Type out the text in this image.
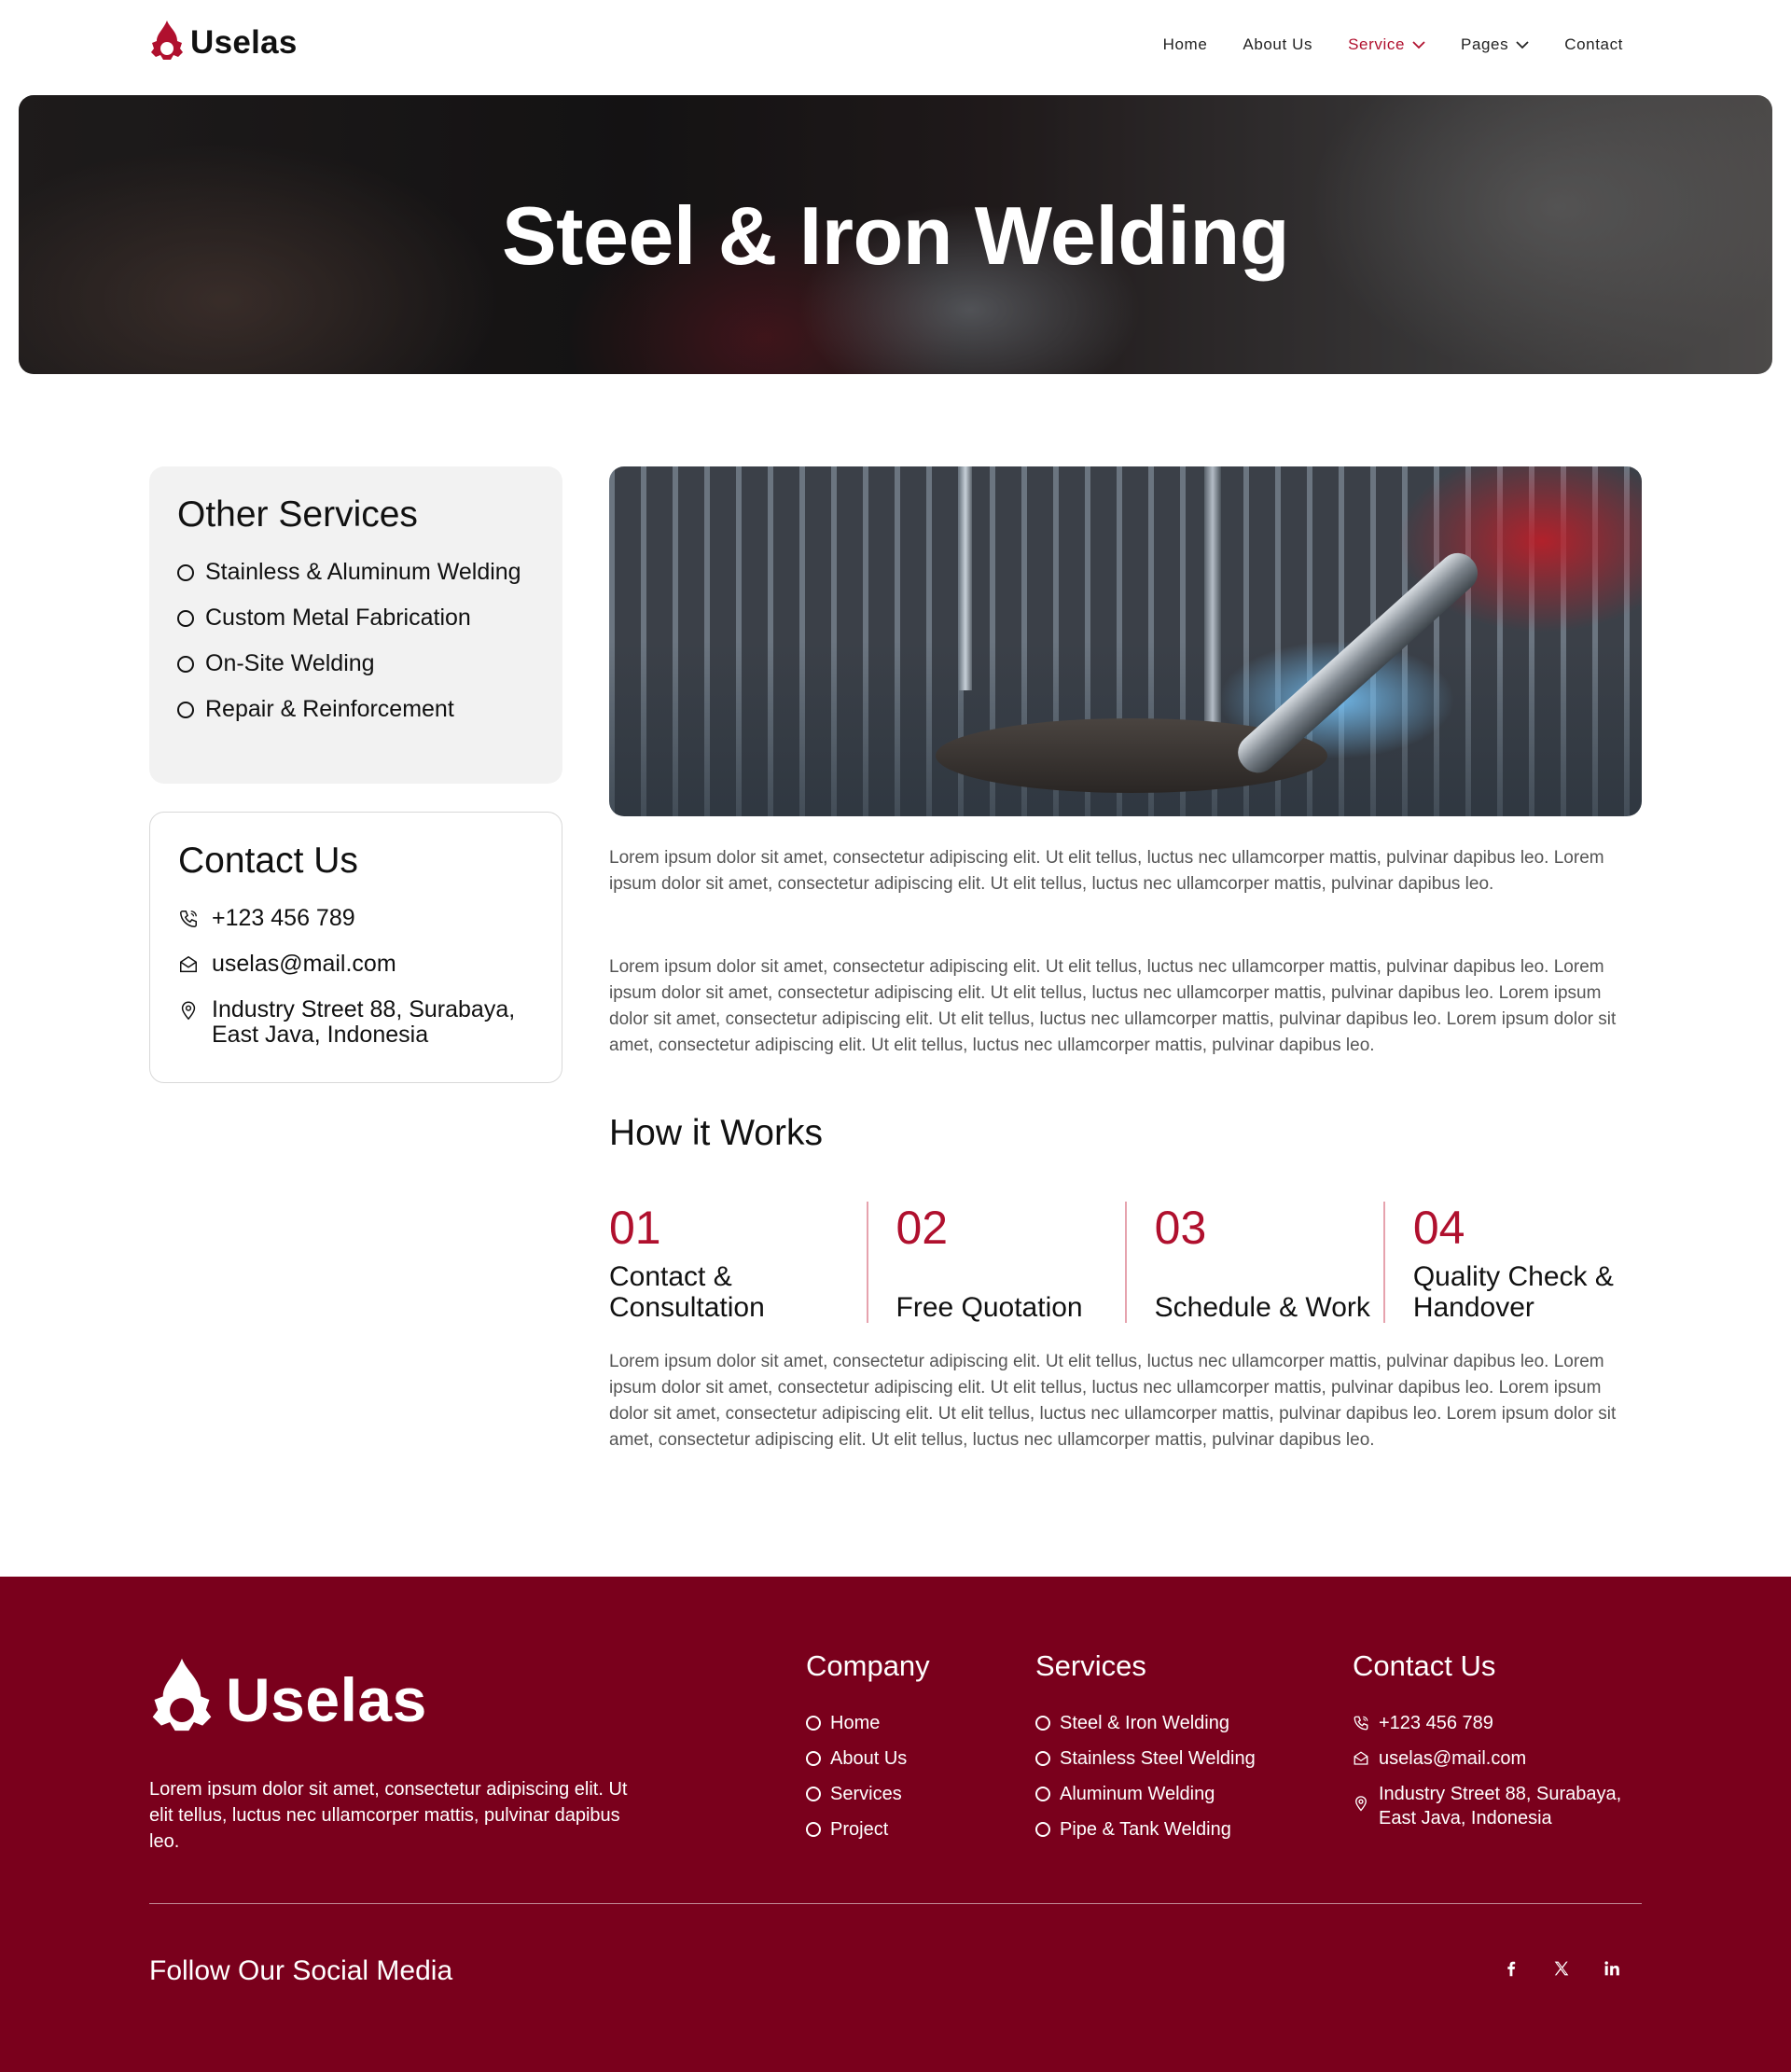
Uselas	Home About Us Service	Pages	Contact
Steel & Iron Welding
Other Services
Stainless & Aluminum Welding
Custom Metal Fabrication
On-Site Welding
Repair & Reinforcement
Contact Us
+123 456 789
uselas@mail.com
Industry Street 88, Surabaya, East Java, Indonesia

Lorem ipsum dolor sit amet, consectetur adipiscing elit. Ut elit tellus, luctus nec ullamcorper mattis, pulvinar dapibus leo. Lorem ipsum dolor sit amet, consectetur adipiscing elit. Ut elit tellus, luctus nec ullamcorper mattis, pulvinar dapibus leo.

Lorem ipsum dolor sit amet, consectetur adipiscing elit. Ut elit tellus, luctus nec ullamcorper mattis, pulvinar dapibus leo. Lorem ipsum dolor sit amet, consectetur adipiscing elit. Ut elit tellus, luctus nec ullamcorper mattis, pulvinar dapibus leo. Lorem ipsum dolor sit amet, consectetur adipiscing elit. Ut elit tellus, luctus nec ullamcorper mattis, pulvinar dapibus leo. Lorem ipsum dolor sit amet, consectetur adipiscing elit. Ut elit tellus, luctus nec ullamcorper mattis, pulvinar dapibus leo.

How it Works
01
Contact & Consultation
02
Free Quotation
03
Schedule & Work
04
Quality Check & Handover

Lorem ipsum dolor sit amet, consectetur adipiscing elit. Ut elit tellus, luctus nec ullamcorper mattis, pulvinar dapibus leo. Lorem ipsum dolor sit amet, consectetur adipiscing elit. Ut elit tellus, luctus nec ullamcorper mattis, pulvinar dapibus leo. Lorem ipsum dolor sit amet, consectetur adipiscing elit. Ut elit tellus, luctus nec ullamcorper mattis, pulvinar dapibus leo. Lorem ipsum dolor sit amet, consectetur adipiscing elit. Ut elit tellus, luctus nec ullamcorper mattis, pulvinar dapibus leo.

Uselas

Lorem ipsum dolor sit amet, consectetur adipiscing elit. Ut elit tellus, luctus nec ullamcorper mattis, pulvinar dapibus leo.

Company
Home
About Us
Services
Project
Services
Steel & Iron Welding
Stainless Steel Welding
Aluminum Welding
Pipe & Tank Welding
Contact Us
+123 456 789
uselas@mail.com
Industry Street 88, Surabaya, East Java, Indonesia
Follow Our Social Media
